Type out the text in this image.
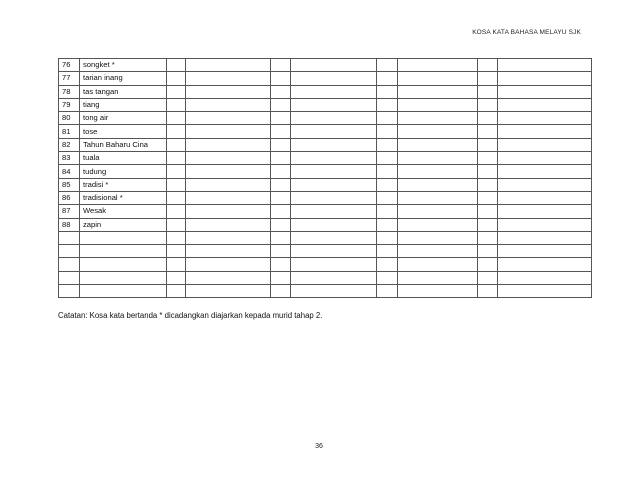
KOSA KATA BAHASA MELAYU SJK
76	songket *								
77	tarian inang								
78	tas tangan								
79	tiang								
80	tong air								
81	tose								
82	Tahun Baharu Cina								
83	tuala								
84	tudung								
85	tradisi *								
86	tradisional *								
87	Wesak								
88	zapin								

Catatan: Kosa kata bertanda * dicadangkan diajarkan kepada murid tahap 2.
36
